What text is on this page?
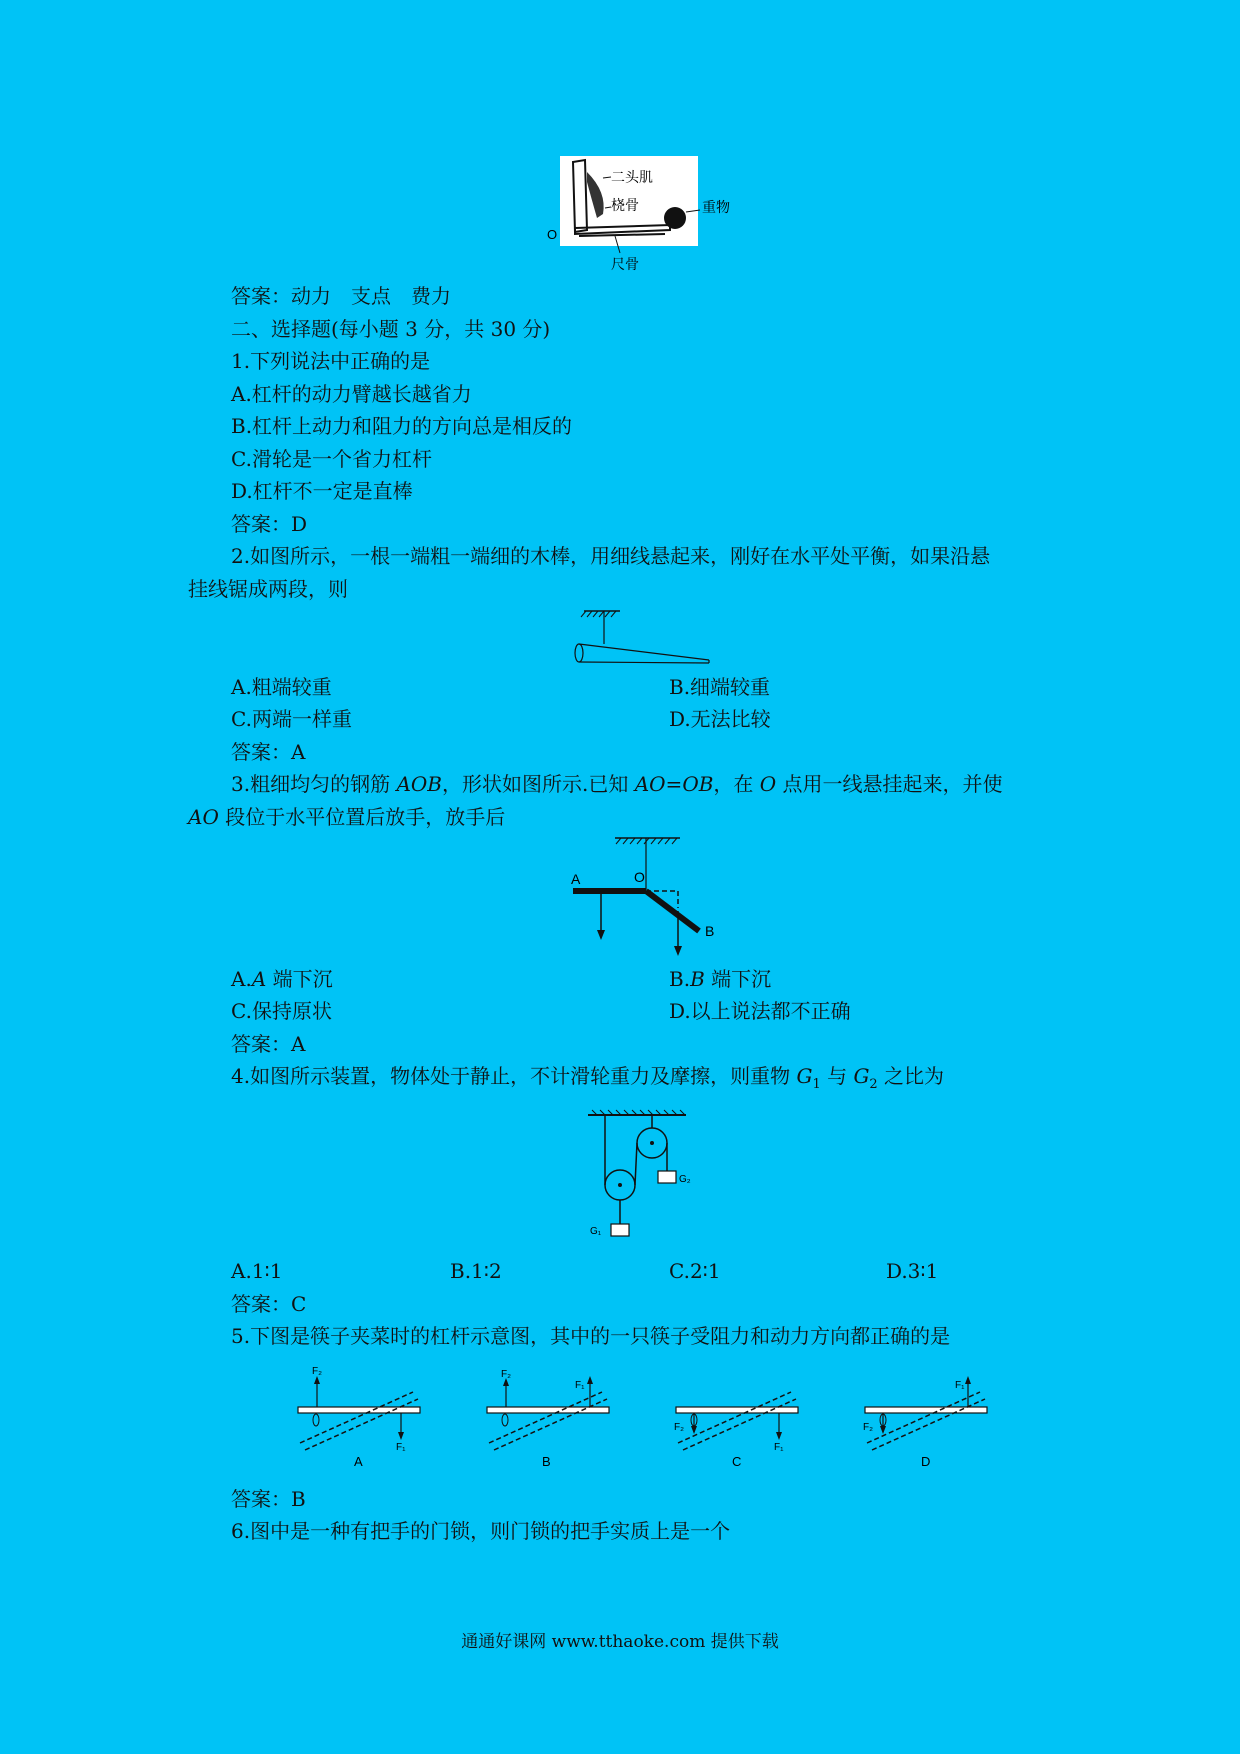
二头肌
桡骨	重物
尺骨
O
答案：动力　支点　费力
二、选择题(每小题 3 分，共 30 分)
1.下列说法中正确的是
A.杠杆的动力臂越长越省力
B.杠杆上动力和阻力的方向总是相反的
C.滑轮是一个省力杠杆
D.杠杆不一定是直棒
答案：D
2.如图所示，一根一端粗一端细的木棒，用细线悬起来，刚好在水平处平衡，如果沿悬
挂线锯成两段，则
A.粗端较重	B.细端较重
C.两端一样重	D.无法比较
答案：A
3.粗细均匀的钢筋 AOB，形状如图所示.已知 AO=OB，在 O 点用一线悬挂起来，并使
AO 段位于水平位置后放手，放手后
A	O
B
A.A 端下沉	B.B 端下沉
C.保持原状	D.以上说法都不正确
答案：A
4.如图所示装置，物体处于静止，不计滑轮重力及摩擦，则重物 $G_1$ 与 $G_2$ 之比为
G₂
G₁
A.1∶1	B.1∶2	C.2∶1	D.3∶1
答案：C
5.下图是筷子夹菜时的杠杆示意图，其中的一只筷子受阻力和动力方向都正确的是
F₂
F₁
A
F₂
F₁
B
F₂
F₁
C
F₂
F₁
D
答案：B
6.图中是一种有把手的门锁，则门锁的把手实质上是一个
通通好课网 www.tthaoke.com 提供下载
